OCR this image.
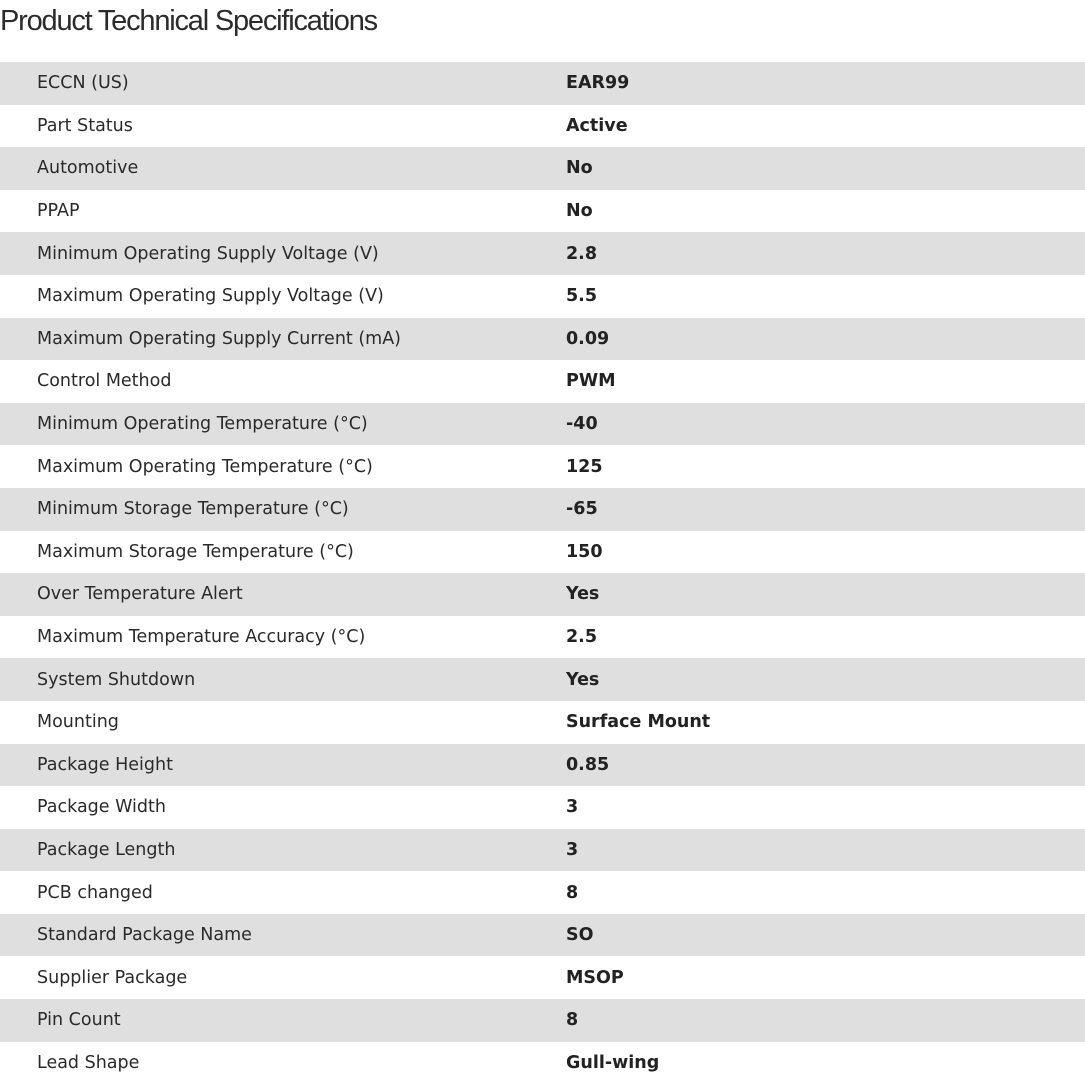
Product Technical Specifications
ECCN (US)	EAR99
Part Status	Active
Automotive	No
PPAP	No
Minimum Operating Supply Voltage (V)	2.8
Maximum Operating Supply Voltage (V)	5.5
Maximum Operating Supply Current (mA)	0.09
Control Method	PWM
Minimum Operating Temperature (°C)	-40
Maximum Operating Temperature (°C)	125
Minimum Storage Temperature (°C)	-65
Maximum Storage Temperature (°C)	150
Over Temperature Alert	Yes
Maximum Temperature Accuracy (°C)	2.5
System Shutdown	Yes
Mounting	Surface Mount
Package Height	0.85
Package Width	3
Package Length	3
PCB changed	8
Standard Package Name	SO
Supplier Package	MSOP
Pin Count	8
Lead Shape	Gull-wing
